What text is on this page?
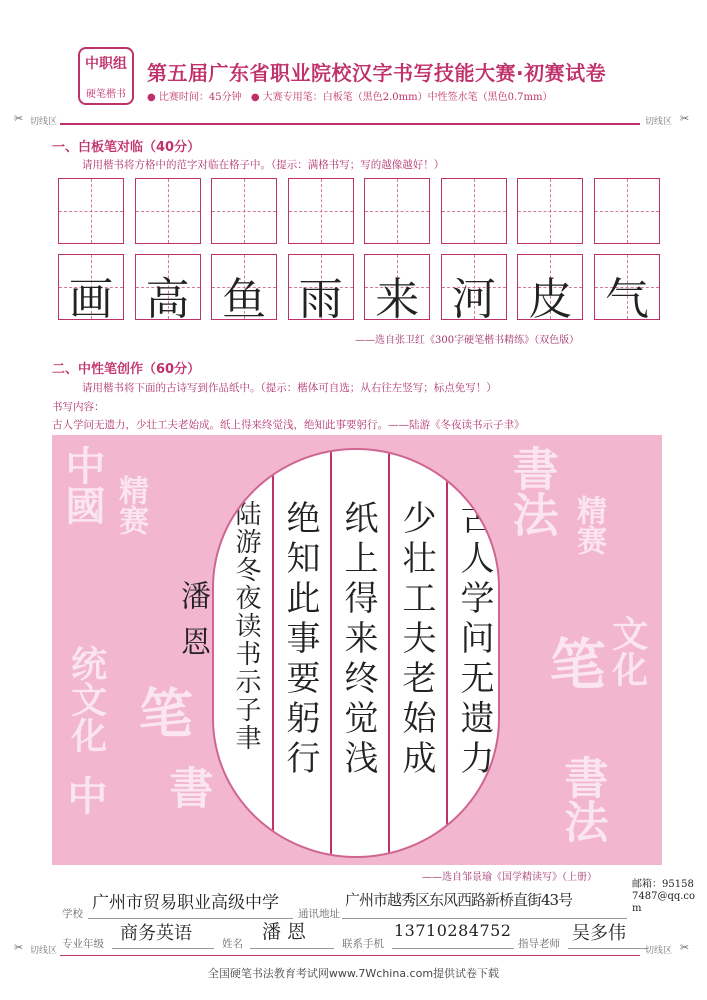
中职组
硬笔楷书
第五届广东省职业院校汉字书写技能大赛·初赛试卷
● 比赛时间：45分钟 ● 大赛专用笔：白板笔（黑色2.0mm）中性签水笔（黑色0.7mm）
✂ 切线区	切线区 ✂
一、白板笔对临（40分）
请用楷书将方格中的范字对临在格子中。（提示：满格书写；写的越像越好！）
画 高 鱼 雨 来 河 皮 气
——选自张卫红《300字硬笔楷书精练》（双色版）
二、中性笔创作（60分）
请用楷书将下面的古诗写到作品纸中。（提示：楷体可自选；从右往左竖写；标点免写！）
书写内容：
古人学问无遗力，少壮工夫老始成。纸上得来终觉浅，绝知此事要躬行。——陆游《冬夜读书示子聿》
中國 精赛
统文化 笔
中 書
書法 精赛
笔
文化
書法
古人学问无遗力
少壮工夫老始成
纸上得来终觉浅
绝知此事要躬行
陆游冬夜读书示子聿
潘恩
——选自邹景瑜《国学精读写》（上册）
学校
广州市贸易职业高级中学
通讯地址
广州市越秀区东风西路新桥直街43号
邮箱：951587487@qq.com
专业年级 商务英语	姓名
潘恩
联系手机
13710284752
指导老师 吴多伟
✂ 切线区	切线区 ✂
全国硬笔书法教育考试网www.7Wchina.com提供试卷下载
